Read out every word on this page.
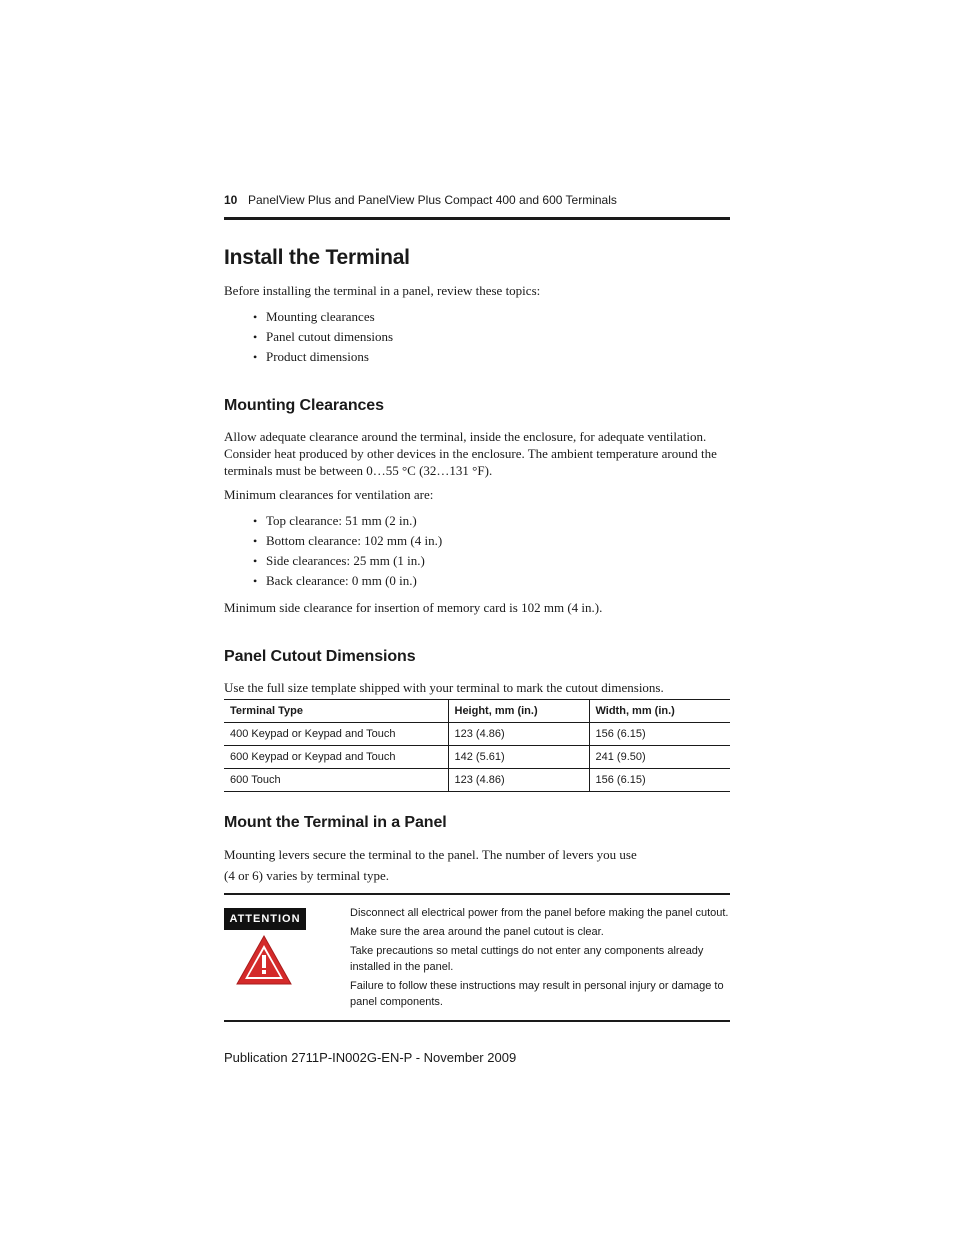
10 PanelView Plus and PanelView Plus Compact 400 and 600 Terminals
Install the Terminal

Before installing the terminal in a panel, review these topics:

• Mounting clearances
• Panel cutout dimensions
• Product dimensions
Mounting Clearances

Allow adequate clearance around the terminal, inside the enclosure, for adequate ventilation. Consider heat produced by other devices in the enclosure. The ambient temperature around the terminals must be between 0…55 °C (32…131 °F).

Minimum clearances for ventilation are:

• Top clearance: 51 mm (2 in.)
• Bottom clearance: 102 mm (4 in.)
• Side clearances: 25 mm (1 in.)
• Back clearance: 0 mm (0 in.)

Minimum side clearance for insertion of memory card is 102 mm (4 in.).

Panel Cutout Dimensions

Use the full size template shipped with your terminal to mark the cutout dimensions.

Terminal Type	Height, mm (in.)	Width, mm (in.)
400 Keypad or Keypad and Touch	123 (4.86)	156 (6.15)
600 Keypad or Keypad and Touch	142 (5.61)	241 (9.50)
600 Touch	123 (4.86)	156 (6.15)
Mount the Terminal in a Panel

Mounting levers secure the terminal to the panel. The number of levers you use

(4 or 6) varies by terminal type.

ATTENTION	Disconnect all electrical power from the panel before making the panel cutout.

Make sure the area around the panel cutout is clear.

Take precautions so metal cuttings do not enter any components already installed in the panel.

Failure to follow these instructions may result in personal injury or damage to panel components.

Publication 2711P-IN002G-EN-P - November 2009
